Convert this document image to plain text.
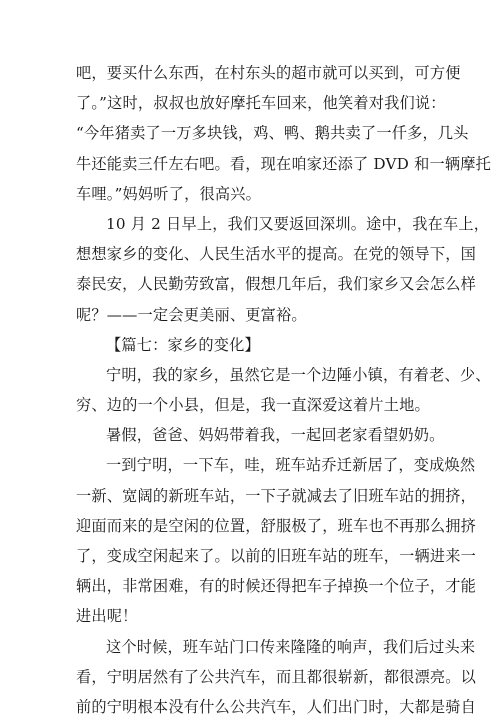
吧，要买什么东西，在村东头的超市就可以买到，可方便
了。”这时，叔叔也放好摩托车回来，他笑着对我们说：
“今年猪卖了一万多块钱，鸡、鸭、鹅共卖了一仟多，几头
牛还能卖三仟左右吧。看，现在咱家还添了 DVD 和一辆摩托
车哩。”妈妈听了，很高兴。
10 月 2 日早上，我们又要返回深圳。途中，我在车上，
想想家乡的变化、人民生活水平的提高。在党的领导下，国
泰民安，人民勤劳致富，假想几年后，我们家乡又会怎么样
呢？——一定会更美丽、更富裕。
【篇七：家乡的变化】
宁明，我的家乡，虽然它是一个边陲小镇，有着老、少、
穷、边的一个小县，但是，我一直深爱这着片土地。
暑假，爸爸、妈妈带着我，一起回老家看望奶奶。
一到宁明，一下车，哇，班车站乔迁新居了，变成焕然
一新、宽阔的新班车站，一下子就减去了旧班车站的拥挤，
迎面而来的是空闲的位置，舒服极了，班车也不再那么拥挤
了，变成空闲起来了。以前的旧班车站的班车，一辆进来一
辆出，非常困难，有的时候还得把车子掉换一个位子，才能
进出呢！
这个时候，班车站门口传来隆隆的响声，我们后过头来
看，宁明居然有了公共汽车，而且都很崭新，都很漂亮。以
前的宁明根本没有什么公共汽车，人们出门时，大都是骑自
